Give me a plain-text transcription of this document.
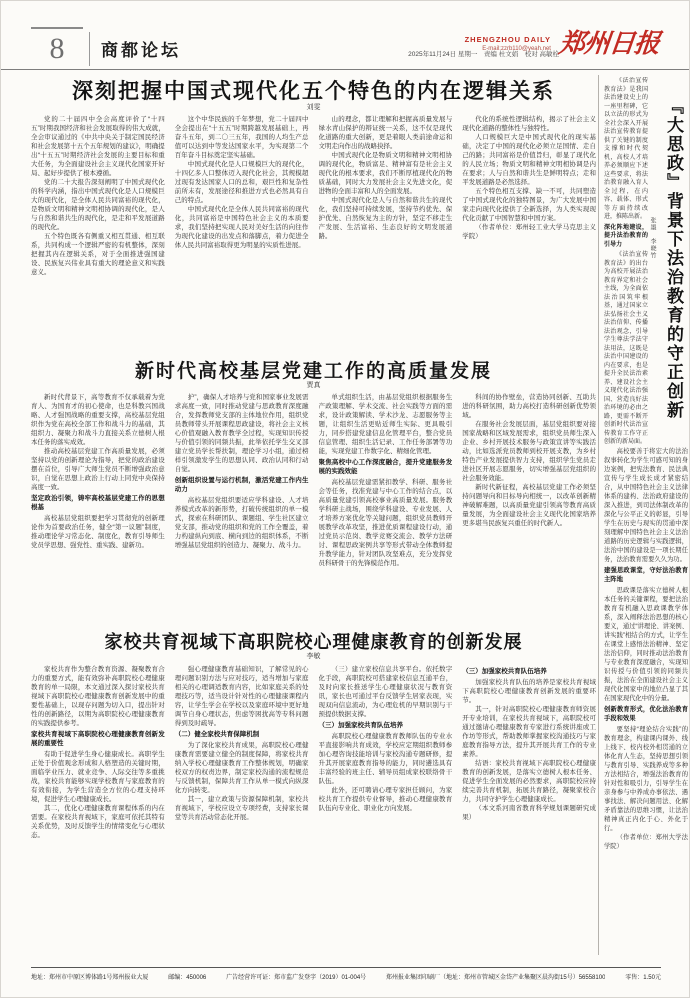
8	商都论坛	2025年11月24日 星期一　责编 杜文娟　校对 高敏栓
ZHENGZHOU DAILY
E-mail:zzrb110@yeah.net 郑州日报
深刻把握中国式现代化五个特色的内在逻辑关系
刘雯

党的二十届四中全会高度评价了“十四五”时期我国经济和社会发展取得的伟大成就，全会审议通过的《中共中央关于制定国民经济和社会发展第十五个五年规划的建议》，明确提出“十五五”时期经济社会发展的主要目标和重大任务，为全面建设社会主义现代化国家开好局、起好步提供了根本遵循。

党的二十大报告深刻阐明了中国式现代化的科学内涵，指出中国式现代化是人口规模巨大的现代化，是全体人民共同富裕的现代化，是物质文明和精神文明相协调的现代化，是人与自然和谐共生的现代化，是走和平发展道路的现代化。

五个特色既各有侧重又相互贯通、相互联系，共同构成一个逻辑严密的有机整体，深刻把握其内在逻辑关系，对于全面推进强国建设、民族复兴伟业具有重大的理论意义和实践意义。

这个中华民族的千年梦想，党二十届四中全会提出在“十五五”时期跨越发展基础上，再奋斗五年，到二〇三五年，我国的人均生产总值可以达到中等发达国家水平，为实现第二个百年奋斗目标奠定坚实基础。

中国式现代化是人口规模巨大的现代化，十四亿多人口整体迈入现代化社会，其规模超过现有发达国家人口的总和，艰巨性和复杂性前所未有，发展途径和推进方式也必然具有自己的特点。

中国式现代化是全体人民共同富裕的现代化，共同富裕是中国特色社会主义的本质要求，我们坚持把实现人民对美好生活的向往作为现代化建设的出发点和落脚点，着力促进全体人民共同富裕取得更为明显的实质性进展。

山的理念，都让理解和把握高质量发展与绿水青山保护的辩证统一关系，这不仅是现代化道路的重大创新，更是着眼人类前途命运和文明走向作出的战略抉择。

中国式现代化是物质文明和精神文明相协调的现代化，物质富足、精神富有是社会主义现代化的根本要求，我们不断厚植现代化的物质基础，同时大力发展社会主义先进文化，促进物的全面丰富和人的全面发展。

中国式现代化是人与自然和谐共生的现代化，我们坚持可持续发展，坚持节约优先、保护优先、自然恢复为主的方针，坚定不移走生产发展、生活富裕、生态良好的文明发展道路。

代化的系统性逻辑结构，揭示了社会主义现代化道路的整体性与独特性。

人口规模巨大是中国式现代化的现实基础，决定了中国的现代化必须立足国情、走自己的路；共同富裕是价值旨归，彰显了现代化的人民立场；物质文明和精神文明相协调是内在要求；人与自然和谐共生是鲜明特点；走和平发展道路是必然选择。

五个特色相互支撑、缺一不可，共同塑造了中国式现代化的独特图景，为广大发展中国家走向现代化提供了全新选择，为人类实现现代化贡献了中国智慧和中国方案。

（作者单位：郑州轻工业大学马克思主义学院）

新时代高校基层党建工作的高质量发展
贾真

新时代背景下，高等教育不仅承载着为党育人、为国育才的初心使命，也是科教兴国战略、人才强国战略的重要支撑，高校基层党组织作为党在高校全部工作和战斗力的基础，其组织力、凝聚力和战斗力直接关系立德树人根本任务的落实成效。

推动高校基层党建工作高质量发展，必须坚持以党的创新理论为指导，把党的政治建设摆在首位，引导广大师生党员不断增强政治意识，自觉在思想上政治上行动上同党中央保持高度一致。

坚定政治引领，铸牢高校基层党建工作的思想根基

高校基层党组织要把学习贯彻党的创新理论作为首要政治任务，健全“第一议题”制度，推动理论学习常态化、制度化，教育引导师生党员学思想、强党性、重实践、建新功。

护”，确保人才培养与党和国家事业发展需求高度一致，同时推动党建与思政教育深度融合，发挥教师党支部的主体地位作用，组织党员教师带头开展课程思政建设，将社会主义核心价值观融入教育教学全过程，实现知识传授与价值引领的同频共振，此举依托学生交叉部建立党员学长帮扶制，理论学习小组，通过榜样引领激发学生的思想认同、政治认同和行动自觉。

创新组织设置与运行机制，激活党建工作内生动力

高校基层党组织要适应学科建设、人才培养模式改革的新形势，打破传统组织的单一模式，探索在科研团队、课题组、学生社区建立党支部，推动党的组织和党的工作全覆盖，着力构建纵向到底、横向到边的组织体系，不断增强基层党组织的创造力、凝聚力、战斗力。

单式组织生活，由基层党组织根据服务生产政策理解、学术交流、社会实践等方面的需求，设计政策解读、学术沙龙、志愿服务等主题，让组织生活更贴近师生实际、更具吸引力，同步搭建党建信息化管理平台，整合党员信息管理、组织生活记录、工作任务部署等功能，实现党建工作数字化、精细化管理。

聚焦高校中心工作深度融合，提升党建服务发展的实践效能

高校基层党建需紧扣教学、科研、服务社会等任务，找准党建与中心工作的结合点，以高质量党建引领高校事业高质量发展。服务教学科研主战场，围绕学科建设、专业发展、人才培养方案优化等关键问题，组织党员教师开展教学改革攻坚，推进优质课程建设行动，通过党员示范岗、教学竞赛交流会、教学方法研讨、课程思政案例共享等形式带动全体教师提升教学能力，针对团队攻坚难点，充分发挥党员科研骨干的先锋模范作用。

科间的协作壁垒，营造协同创新、互助共进的科研氛围，助力高校打造科研创新优势领域。

在服务社会发展层面，基层党组织要对接国家战略和区域发展需求，组织党员师生深入企业、乡村开展技术服务与政策宣讲等实践活动，比如选派党员教师到校开展支教，为乡村特色产业发展提供智力支持，组织学生党员走进社区开展志愿服务，切实增强基层党组织的社会服务效能。

新时代新征程，高校基层党建工作必须坚持问题导向和目标导向相统一，以改革创新精神破解难题，以高质量党建引领高等教育高质量发展，为全面建设社会主义现代化国家培养更多堪当民族复兴重任的时代新人。

家校共育视域下高职院校心理健康教育的创新发展
李敏

家校共育作为整合教育资源、凝聚教育合力的重要方式，能有效弥补高职院校心理健康教育的单一局限，本文通过深入探讨家校共育视域下高职院校心理健康教育创新发展中的重要性基础上，以现存问题为切入口，提出针对性的创新路径，以期为高职院校心理健康教育的实践提供参考。

家校共育视域下高职院校心理健康教育创新发展的重要性

有助于促进学生身心健康成长。高职学生正处于价值观念形成和人格塑造的关键时期，面临学业压力、就业竞争、人际交往等多重挑战，家校共育能够实现学校教育与家庭教育的有效衔接，为学生营造全方位的心理支持环境，促进学生心理健康成长。

其二，优化心理健康教育课程体系的内在需要。在家校共育视域下，家庭可依托其特有关系优势，及时反馈学生的情绪变化与心理状态。

强心理健康教育基础知识，了解常见的心理问题识别方法与应对技巧，适当增加与家庭相关的心理调适教育内容，比如家庭关系的处理技巧等，适当设计针对性的心理健康课程内容，让学生学会在学校以及家庭环境中更好地调节自身心理状态，焦虑等困扰高等专科问题得到及时疏导。

（二）健全家校共育保障机制

为了深化家校共育成果，高职院校心理健康教育需要建立健全的制度保障，将家校共育纳入学校心理健康教育工作整体规划，明确家校双方的权责边界，制定家校沟通的流程规范与反馈机制，保障共育工作从单一模式向纵深化方向转变。

其一，建立政策与资源保障机制，家校共育视域下，学校应设立专项经费，支持家长课堂等共育活动常态化开展。

（三）建立家校信息共享平台。依托数字化手段，高职院校可搭建家校信息互通平台，及时向家长推送学生心理健康状况与教育资讯，家长也可通过平台反馈学生居家表现，实现双向信息流动，为心理危机的早期识别与干预提供数据支撑。

（三）加强家校共育队伍培养

高职院校心理健康教育教师队伍的专业水平直接影响共育成效，学校应定期组织教师参加心理咨询技能培训与家校沟通专题研修，提升其开展家庭教育指导的能力，同时遴选具有丰富经验的班主任、辅导员组成家校联络骨干队伍。

此外，还可聘请心理专家担任顾问，为家校共育工作提供专业督导，推动心理健康教育队伍向专业化、职业化方向发展。

（三）加强家校共育队伍培养

加强家校共育队伍的培养是家校共育视域下高职院校心理健康教育创新发展的重要环节。

其一，针对高职院校心理健康教育师资展开专业培训，在家校共育视域下，高职院校可通过邀请心理健康教育专家进行系统讲座或工作坊等形式，帮助教师掌握家校沟通技巧与家庭教育指导方法，提升其开展共育工作的专业素养。

结语：家校共育视域下高职院校心理健康教育的创新发展，是落实立德树人根本任务、促进学生全面发展的必然要求，高职院校应持续完善共育机制，拓展共育路径，凝聚家校合力，共同守护学生心理健康成长。

（本文系河南省教育科学规划课题研究成果）

《法治宣传教育法》是我国法治建设史上的一座里程碑，它以立法的形式为全社会深入开展法治宣传教育提供了关键的制度支撑和时代契机，高校人才培养必须顺应下述这些要求，将法治教育融入育人全过程，在内容、载体、形式等方面持续改进，推陈出新。

深化阵地建设，提升法治教育的引导力

《法治宣传教育法》的出台为高校开展法治教育界定和社会主线，为全面依法治国筑牢根基，通过国家立法弘扬社会主义法治信仰、传播法治观念，引导学生尊法学法守法用法，这既是法治中国建设的内在要求，也是提升全民法治素养、建设社会主义现代化法治强国、营造良好法治环境的必由之路，更需不断开创新时代法治宣传教育工作守正创新的新局面。

『大思政』背景下法治教育的守正创新
张墨 李晓竹

高校要善于将宏大的法治叙事转化为学生可感可知的身边案例，把宪法教育、民法典宣传与学生成长成才紧密结合，从中国特色社会主义法律体系的建构、法治政府建设的深入推进，到司法体制改革的深化与公平正义的彰显，引导学生在历史与现实的贯通中深刻理解中国特色社会主义法治道路的历史逻辑与实践逻辑，法治中国的建设是一项长期任务，法治教育需要久久为功。

建强思政课堂，守好法治教育主阵地

思政课是落实立德树人根本任务的关键课程，要把法治教育有机融入思政课教学体系，深入阐释法治思想的核心要义，通过“讲理论、讲案例、讲实践”相结合的方式，让学生在课堂上感悟法治精神、坚定法治信仰，同时推动法治教育与专业教育深度融合，实现知识传授与价值引领的同频共振，法治在全面建设社会主义现代化国家中的地位凸显了其在国家现代化中的分量。

创新教育形式，优化法治教育手段和效果

要坚持“理论结合实践”的教育理念，构建课内课外、线上线下、校内校外相贯通的立体化育人生态，坚持思想引领与教育引导、实践养成等多种方法相结合，增强法治教育的针对性和吸引力，引导学生在亲身参与中养成办事依法、遇事找法、解决问题用法、化解矛盾靠法的思维习惯，让法治精神真正内化于心、外化于行。

（作者单位：郑州大学法学院）

地址：郑州市中原区博体路1号郑州报业大厦	邮编：450006	广告经营许可证：郑市监广发登字（2019）01-004号	郑州报业集团印刷厂（地址：郑州市管城区金岱产业集聚区晨沟街15号）56558100	零售：1.50元
